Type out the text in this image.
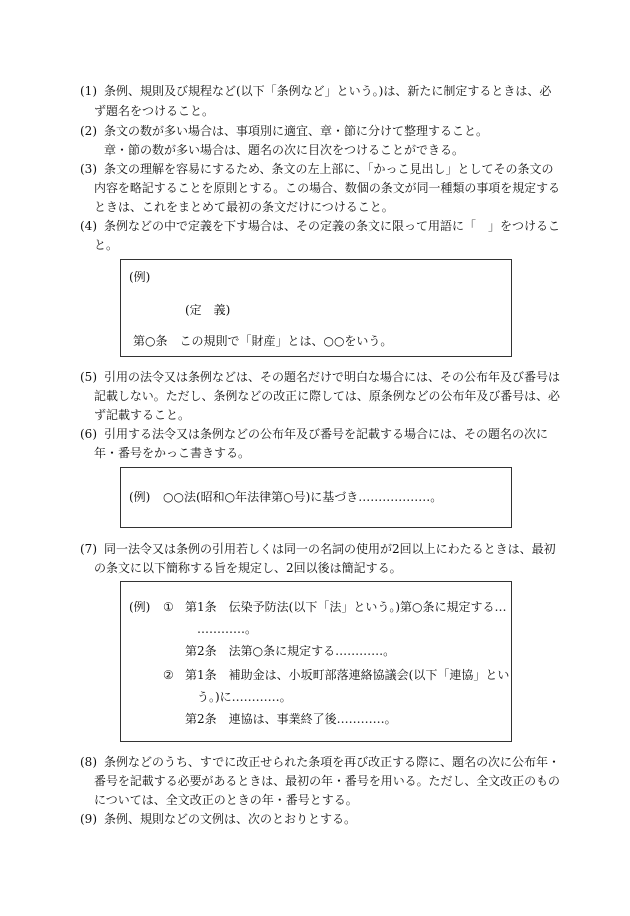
(1) 条例、規則及び規程など(以下「条例など」という。)は、新たに制定するときは、必
ず題名をつけること。
(2) 条文の数が多い場合は、事項別に適宜、章・節に分けて整理すること。
章・節の数が多い場合は、題名の次に目次をつけることができる。
(3) 条文の理解を容易にするため、条文の左上部に、「かっこ見出し」としてその条文の
内容を略記することを原則とする。この場合、数個の条文が同一種類の事項を規定する
ときは、これをまとめて最初の条文だけにつけること。
(4) 条例などの中で定義を下す場合は、その定義の条文に限って用語に「　」をつけるこ
と。
(例)
(定　義)
第○条　この規則で「財産」とは、○○をいう。
(5) 引用の法令又は条例などは、その題名だけで明白な場合には、その公布年及び番号は
記載しない。ただし、条例などの改正に際しては、原条例などの公布年及び番号は、必
ず記載すること。
(6) 引用する法令又は条例などの公布年及び番号を記載する場合には、その題名の次に
年・番号をかっこ書きする。
(例) ○○法(昭和○年法律第○号)に基づき………………。
(7) 同一法令又は条例の引用若しくは同一の名詞の使用が2回以上にわたるときは、最初
の条文に以下簡称する旨を規定し、2回以後は簡記する。
(例) ① 第1条　伝染予防法(以下「法」という。)第○条に規定する…
…………。
第2条　法第○条に規定する…………。
② 第1条　補助金は、小坂町部落連絡協議会(以下「連協」とい
う。)に…………。
第2条　連協は、事業終了後…………。
(8) 条例などのうち、すでに改正せられた条項を再び改正する際に、題名の次に公布年・
番号を記載する必要があるときは、最初の年・番号を用いる。ただし、全文改正のもの
については、全文改正のときの年・番号とする。
(9) 条例、規則などの文例は、次のとおりとする。
